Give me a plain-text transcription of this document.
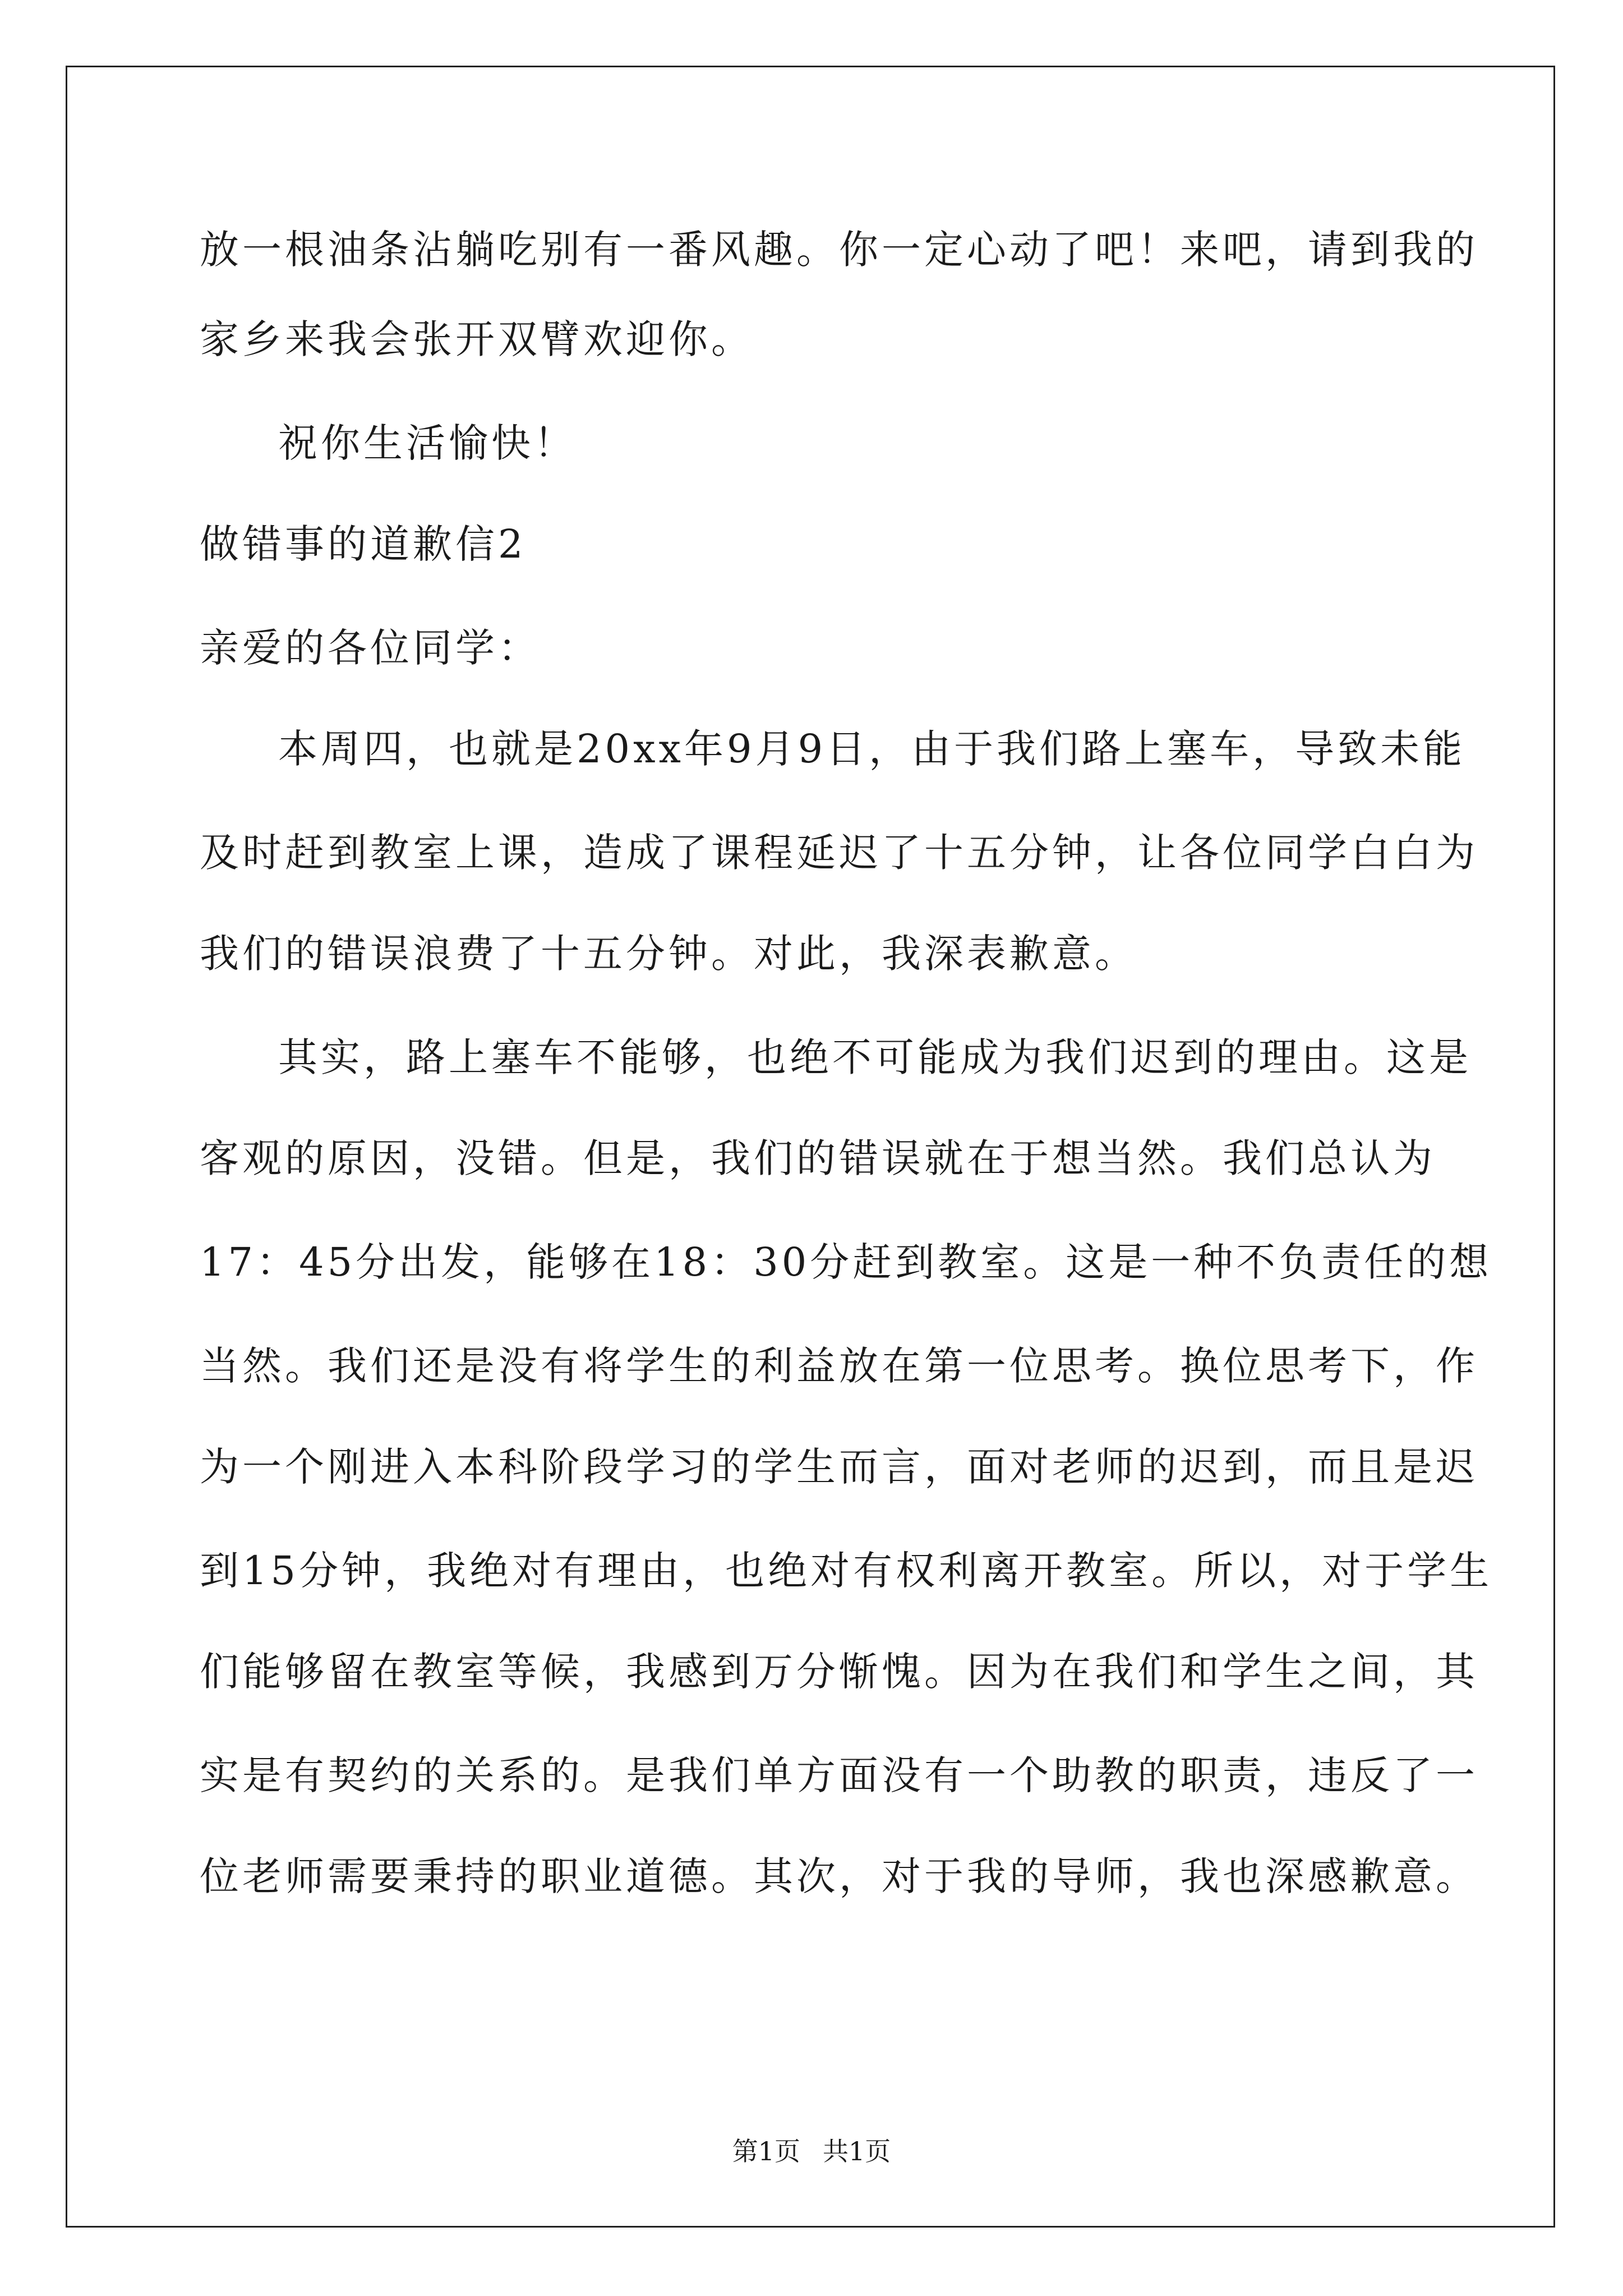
放一根油条沾躺吃别有一番风趣。你一定心动了吧！来吧，请到我的
家乡来我会张开双臂欢迎你。
祝你生活愉快！
做错事的道歉信2
亲爱的各位同学：
本周四，也就是20xx年9月9日，由于我们路上塞车，导致未能
及时赶到教室上课，造成了课程延迟了十五分钟，让各位同学白白为
我们的错误浪费了十五分钟。对此，我深表歉意。
其实，路上塞车不能够，也绝不可能成为我们迟到的理由。这是
客观的原因，没错。但是，我们的错误就在于想当然。我们总认为
17：45分出发，能够在18：30分赶到教室。这是一种不负责任的想
当然。我们还是没有将学生的利益放在第一位思考。换位思考下，作
为一个刚进入本科阶段学习的学生而言，面对老师的迟到，而且是迟
到15分钟，我绝对有理由，也绝对有权利离开教室。所以，对于学生
们能够留在教室等候，我感到万分惭愧。因为在我们和学生之间，其
实是有契约的关系的。是我们单方面没有一个助教的职责，违反了一
位老师需要秉持的职业道德。其次，对于我的导师，我也深感歉意。
第1页 共1页
